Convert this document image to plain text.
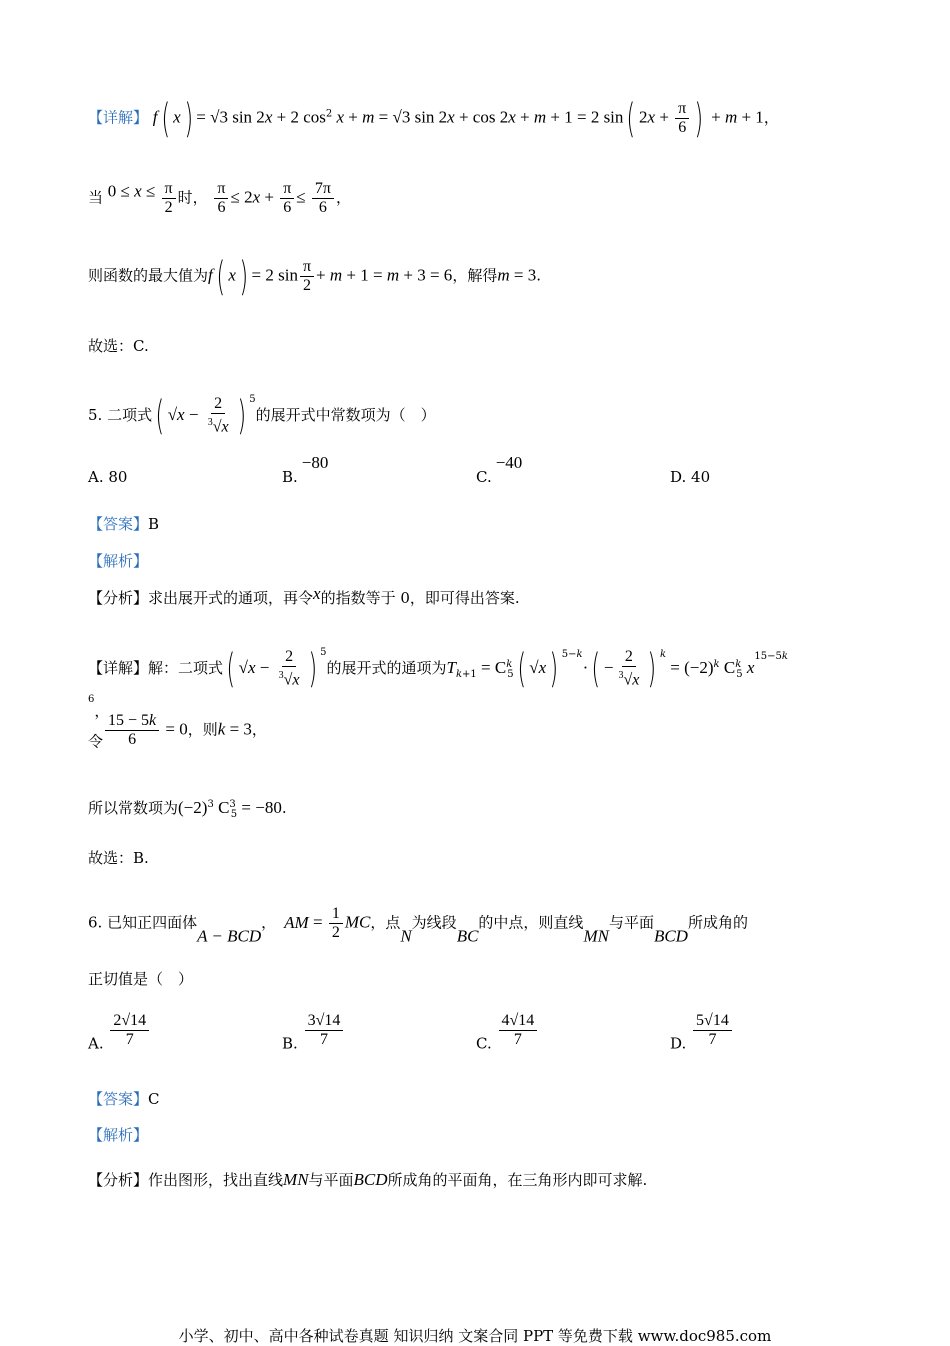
【详解】 f( x) = √3 sin 2x + 2 $\cos^2 x + m = √3$ sin 2x + cos 2x + m + 1 = 2 sin( $2x + \frac{\pi}{6}$ ) + m + 1，
当 $0 \le x \le \frac{\pi}{2}$ 时， $\frac{\pi}{6} \le 2x + \frac{\pi}{6} \le \frac{7\pi}{6}$ ，
则函数的最大值为f( x) = 2 $\sin \frac{\pi}{2} + m + 1 = m + 3 = 6$，解得m = 3.
故选：C.
5. 二项式( $√x - \frac{2}{^3√x}$ ) $^5$的展开式中常数项为（　）
A. 80	B.−80
C.−40
D. 40
【答案】B
【解析】
【分析】求出展开式的通项，再令x的指数等于 0，即可得出答案.
【详解】解：二项式( $√x - \frac{2}{^3√x}$ ) $^5$的展开式的通项为$T_{k+1} = C^k_5$( √x) $^{5-k}\cdot( - \frac{2}{^3√x}$ ) $^k = (-2)^k$ $C^k_5$ $x^{15-5k 6}$，
令 $\frac{15 - 5k}{6} = 0$，则k = 3，
所以常数项为$(-2)^3$ $C^3_5 = -80$.
故选：B.
6. 已知正四面体A − BCD， AM = $\frac{1}{2}$ MC，点N为线段BC的中点，则直线MN与平面BCD所成角的
正切值是（　）
A. $\frac{2√14}{7}$	B. $\frac{3√14}{7}$	C. $\frac{4√14}{7}$	D. $\frac{5√14}{7}$
【答案】C
【解析】
【分析】作出图形，找出直线MN与平面BCD所成角的平面角，在三角形内即可求解.
小学、初中、高中各种试卷真题 知识归纳 文案合同 PPT 等免费下载 www.doc985.com
